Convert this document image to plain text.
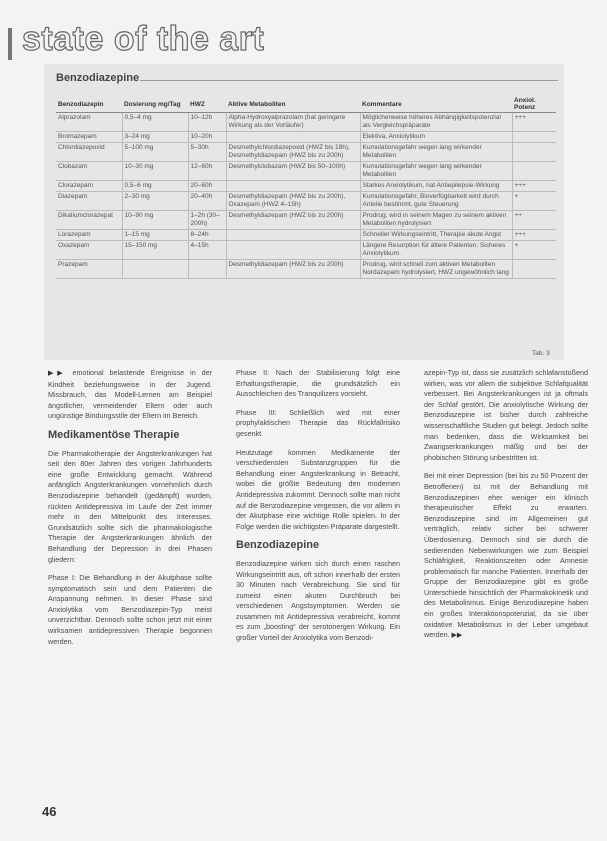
state of the art
Benzodiazepine
Benzodiazepin	Dosierung mg/Tag	HWZ	Aktive Metaboliten	Kommentare	Anxiol. Potenz
Alprazolam	0,5–4 mg	10–12h	Alpha-Hydroxyalprazolam (hat geringere Wirkung als der Vorläufer)	Möglicherweise höheres Abhängigkeitspotenzial als Vergleichspräparate	+++
Bromazepam	3–24 mg	10–20h		Elektiva, Anxiolytikum	
Chlordiazepoxid	5–100 mg	5–30h	Desmethylchlordiazepoxid (HWZ bis 18h), Desmethyldiazepam (HWZ bis zu 200h)	Kumulationsgefahr wegen lang wirkender Metaboliten	
Clobazam	10–30 mg	12–60h	Desmethylclobazam (HWZ bis 50–100h)	Kumulationsgefahr wegen lang wirkender Metaboliten	
Clorazepam	0,5–6 mg	20–60h		Starkes Anxiolytikum, hat Antiepilepsie-Wirkung	+++
Diazepam	2–30 mg	20–40h	Desmethyldiazepam (HWZ bis zu 200h), Oxazepam (HWZ 4–15h)	Kumulationsgefahr, Bioverfügbarkeit wird durch Anteile bestimmt, gute Steuerung	+
Dikaliumclorazepat	10–90 mg	1–2h (30–200h)	Desmethyldiazepam (HWZ bis zu 200h)	Prodrug, wird in seinem Magen zu seinem aktiven Metaboliten hydrolysiert	++
Lorazepam	1–15 mg	8–24h		Schneller Wirkungseintritt, Therapie akute Angst	+++
Oxazepam	15–150 mg	4–15h		Längere Resorption für ältere Patienten; Sicheres Anxiolytikum	+
Prazepam			Desmethyldiazepam (HWZ bis zu 200h)	Prodrug, wird schnell zum aktiven Metaboliten Nordazepam hydrolysiert, HWZ ungewöhnlich lang	
Tab. 3

▶▶ emotional belastende Ereignisse in der Kindheit beziehungsweise in der Jugend. Missbrauch, das Modell-Lernen am Beispiel ängstlicher, vermeidender Eltern oder auch ungünstige Bindungsstile der Eltern im Bereich.

Medikamentöse Therapie

Die Pharmakotherapie der Angsterkrankungen hat seit den 80er Jahren des vorigen Jahrhunderts eine große Entwicklung gemacht. Während anfänglich Angsterkrankungen vornehmlich durch Benzodiazepine behandelt (gedämpft) wurden, rückten Antidepressiva im Laufe der Zeit immer mehr in den Mittelpunkt des Interesses. Grundsätzlich sollte sich die pharmakologische Therapie der Angsterkrankungen ähnlich der Behandlung der Depression in drei Phasen gliedern:

Phase I: Die Behandlung in der Akutphase sollte symptomatisch sein und dem Patienten die Anspannung nehmen. In dieser Phase sind Anxiolytika vom Benzodiazepin-Typ meist unverzichtbar. Dennoch sollte schon jetzt mit einer wirksamen antidepressiven Therapie begonnen werden.

Phase II: Nach der Stabilisierung folgt eine Erhaltungstherapie, die grundsätzlich ein Ausschleichen des Tranquilizers vorsieht.

Phase III: Schließlich wird mit einer prophylaktischen Therapie das Rückfallrisiko gesenkt.

Heutzutage kommen Medikamente der verschiedensten Substanzgruppen für die Behandlung einer Angsterkrankung in Betracht, wobei die größte Bedeutung den modernen Antidepressiva zukommt. Dennoch sollte man nicht auf die Benzodiazepine vergessen, die vor allem in der Akutphase eine wichtige Rolle spielen. In der Folge werden die wichtigsten Präparate dargestellt.

Benzodiazepine

Benzodiazepine wirken sich durch einen raschen Wirkungseintritt aus, oft schon innerhalb der ersten 30 Minuten nach Verabreichung. Sie sind für zumeist einen akuten Durchbruch bei verschiedenen Angstsymptomen. Werden sie zusammen mit Antidepressiva verabreicht, kommt es zum „boosting“ der serotonergen Wirkung. Ein großer Vorteil der Anxiolytika vom Benzodi-

azepin-Typ ist, dass sie zusätzlich schlafanstoßend wirken, was vor allem die subjektive Schlafqualität verbessert. Bei Angsterkrankungen ist ja oftmals der Schlaf gestört. Die anxiolytische Wirkung der Benzodiazepine ist bisher durch zahlreiche wissenschaftliche Studien gut belegt. Jedoch sollte man bedenken, dass die Wirksamkeit bei Zwangserkrankungen mäßig und bei der phobischen Störung unbestritten ist.

Bei mit einer Depression (bei bis zu 50 Prozent der Betroffenen) ist mit der Behandlung mit Benzodiazepinen eher weniger ein klinisch therapeutischer Effekt zu erwarten. Benzodiazepine sind im Allgemeinen gut verträglich, relativ sicher bei schwerer Überdosierung. Dennoch sind sie durch die sedierenden Nebenwirkungen wie zum Beispiel Schläfrigkeit, Reaktionszeiten oder Amnesie problematisch für manche Patienten. Innerhalb der Gruppe der Benzodiazepine gibt es große Unterschiede hinsichtlich der Pharmakokinetik und des Metabolismus. Einige Benzodiazepine haben ein großes Interaktionspotenzial, da sie über oxidative Metabolismus in der Leber umgebaut werden. ▶▶

46
